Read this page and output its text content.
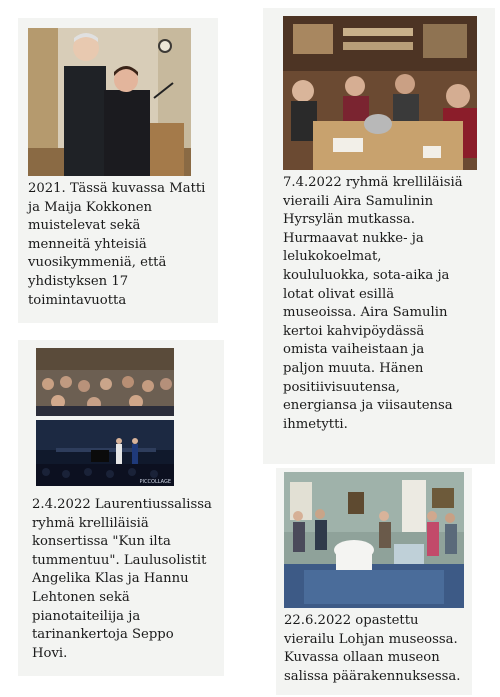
2021. Tässä kuvassa Matti
ja Maija Kokkonen
muistelevat sekä
menneitä yhteisiä
vuosikymmeniä, että
yhdistyksen 17
toimintavuotta
7.4.2022 ryhmä krelliläisiä
vieraili Aira Samulinin
Hyrsylän mutkassa.
Hurmaavat nukke- ja
lelukokoelmat,
koululuokka, sota-aika ja
lotat olivat esillä
museoissa. Aira Samulin
kertoi kahvipöydässä
omista vaiheistaan ja
paljon muuta. Hänen
positiivisuutensa,
energiansa ja viisautensa
ihmetytti.
PICCOLLAGE
2.4.2022 Laurentiussalissa
ryhmä krelliläisiä
konsertissa "Kun ilta
tummentuu". Laulusolistit
Angelika Klas ja Hannu
Lehtonen sekä
pianotaiteilija ja
tarinankertoja Seppo
Hovi.
22.6.2022 opastettu
vierailu Lohjan museossa.
Kuvassa ollaan museon
salissa päärakennuksessa.
